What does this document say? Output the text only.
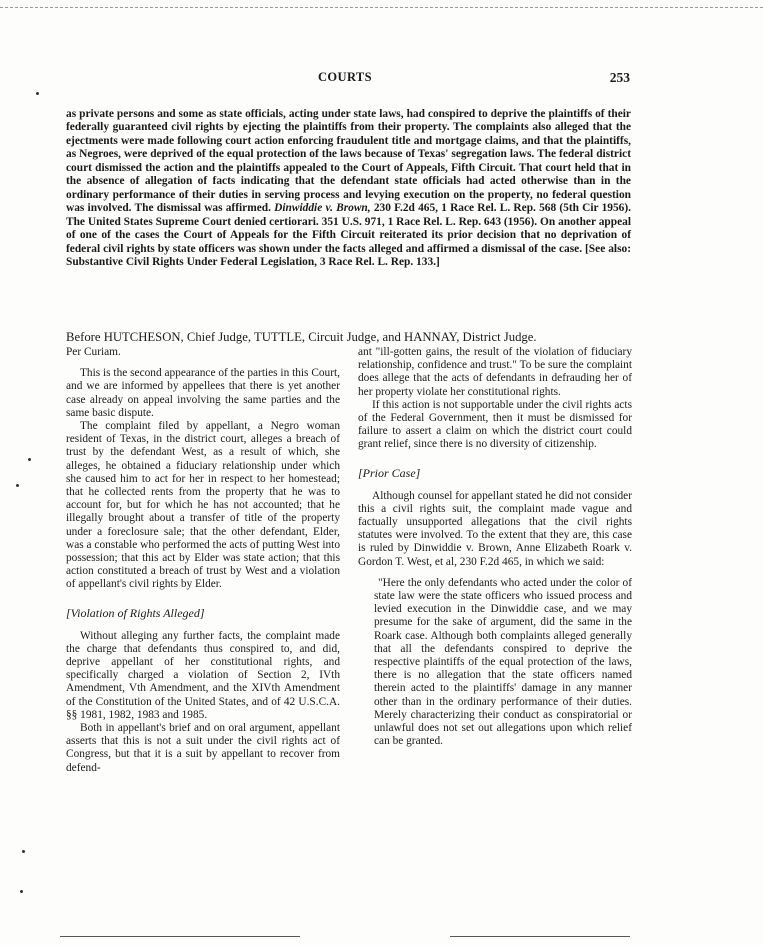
COURTS	253
as private persons and some as state officials, acting under state laws, had conspired to deprive the plaintiffs of their federally guaranteed civil rights by ejecting the plaintiffs from their property. The complaints also alleged that the ejectments were made following court action enforcing fraudulent title and mortgage claims, and that the plaintiffs, as Negroes, were deprived of the equal protection of the laws because of Texas' segregation laws. The federal district court dismissed the action and the plaintiffs appealed to the Court of Appeals, Fifth Circuit. That court held that in the absence of allegation of facts indicating that the defendant state officials had acted otherwise than in the ordinary performance of their duties in serving process and levying execution on the property, no federal question was involved. The dismissal was affirmed. Dinwiddie v. Brown, 230 F.2d 465, 1 Race Rel. L. Rep. 568 (5th Cir 1956). The United States Supreme Court denied certiorari. 351 U.S. 971, 1 Race Rel. L. Rep. 643 (1956). On another appeal of one of the cases the Court of Appeals for the Fifth Circuit reiterated its prior decision that no deprivation of federal civil rights by state officers was shown under the facts alleged and affirmed a dismissal of the case. [See also: Substantive Civil Rights Under Federal Legislation, 3 Race Rel. L. Rep. 133.]
Before HUTCHESON, Chief Judge, TUTTLE, Circuit Judge, and HANNAY, District Judge.

Per Curiam.

This is the second appearance of the parties in this Court, and we are informed by appellees that there is yet another case already on appeal involving the same parties and the same basic dispute.

The complaint filed by appellant, a Negro woman resident of Texas, in the district court, alleges a breach of trust by the defendant West, as a result of which, she alleges, he obtained a fiduciary relationship under which she caused him to act for her in respect to her homestead; that he collected rents from the property that he was to account for, but for which he has not accounted; that he illegally brought about a transfer of title of the property under a foreclosure sale; that the other defendant, Elder, was a constable who performed the acts of putting West into possession; that this act by Elder was state action; that this action constituted a breach of trust by West and a violation of appellant's civil rights by Elder.

[Violation of Rights Alleged]

Without alleging any further facts, the complaint made the charge that defendants thus conspired to, and did, deprive appellant of her constitutional rights, and specifically charged a violation of Section 2, IVth Amendment, Vth Amendment, and the XIVth Amendment of the Constitution of the United States, and of 42 U.S.C.A. §§ 1981, 1982, 1983 and 1985.

Both in appellant's brief and on oral argument, appellant asserts that this is not a suit under the civil rights act of Congress, but that it is a suit by appellant to recover from defend-

ant "ill-gotten gains, the result of the violation of fiduciary relationship, confidence and trust." To be sure the complaint does allege that the acts of defendants in defrauding her of her property violate her constitutional rights.

If this action is not supportable under the civil rights acts of the Federal Government, then it must be dismissed for failure to assert a claim on which the district court could grant relief, since there is no diversity of citizenship.

[Prior Case]

Although counsel for appellant stated he did not consider this a civil rights suit, the complaint made vague and factually unsupported allegations that the civil rights statutes were involved. To the extent that they are, this case is ruled by Dinwiddie v. Brown, Anne Elizabeth Roark v. Gordon T. West, et al, 230 F.2d 465, in which we said:

"Here the only defendants who acted under the color of state law were the state officers who issued process and levied execution in the Dinwiddie case, and we may presume for the sake of argument, did the same in the Roark case. Although both complaints alleged generally that all the defendants conspired to deprive the respective plaintiffs of the equal protection of the laws, there is no allegation that the state officers named therein acted to the plaintiffs' damage in any manner other than in the ordinary performance of their duties. Merely characterizing their conduct as conspiratorial or unlawful does not set out allegations upon which relief can be granted.
